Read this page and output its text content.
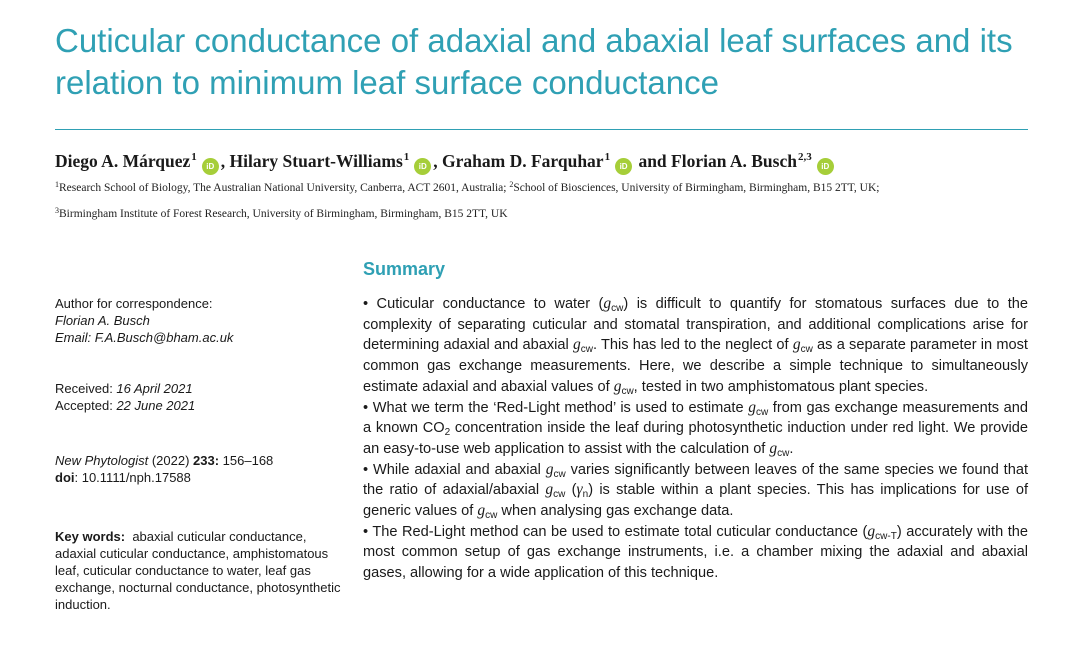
Cuticular conductance of adaxial and abaxial leaf surfaces and its relation to minimum leaf surface conductance
Diego A. Márquez$^1$iD , Hilary Stuart-Williams$^1$iD , Graham D. Farquhar$^1$iD and Florian A. Busch$^{2,3}$iD
$^1$Research School of Biology, The Australian National University, Canberra, ACT 2601, Australia; $^2$School of Biosciences, University of Birmingham, Birmingham, B15 2TT, UK;
$^3$Birmingham Institute of Forest Research, University of Birmingham, Birmingham, B15 2TT, UK
Author for correspondence:
Florian A. Busch
Email: F.A.Busch@bham.ac.uk
Received: 16 April 2021
Accepted: 22 June 2021
New Phytologist (2022) 233: 156–168
doi: 10.1111/nph.17588
Key words: abaxial cuticular conductance, adaxial cuticular conductance, amphistomatous leaf, cuticular conductance to water, leaf gas exchange, nocturnal conductance, photosynthetic induction.
Summary
• Cuticular conductance to water $(g_{cw})$ is difficult to quantify for stomatous surfaces due to the complexity of separating cuticular and stomatal transpiration, and additional complications arise for determining adaxial and abaxial $g_{cw}$. This has led to the neglect of $g_{cw}$ as a separate parameter in most common gas exchange measurements. Here, we describe a simple technique to simultaneously estimate adaxial and abaxial values of $g_{cw}$, tested in two amphistomatous plant species.
• What we term the ‘Red-Light method’ is used to estimate $g_{cw}$ from gas exchange measurements and a known $CO_2$ concentration inside the leaf during photosynthetic induction under red light. We provide an easy-to-use web application to assist with the calculation of $g_{cw}$.
• While adaxial and abaxial $g_{cw}$ varies significantly between leaves of the same species we found that the ratio of adaxial/abaxial $g_{cw}$ $(\gamma_n)$ is stable within a plant species. This has implications for use of generic values of $g_{cw}$ when analysing gas exchange data.
• The Red-Light method can be used to estimate total cuticular conductance $(g_{cw-T})$ accurately with the most common setup of gas exchange instruments, i.e. a chamber mixing the adaxial and abaxial gases, allowing for a wide application of this technique.
